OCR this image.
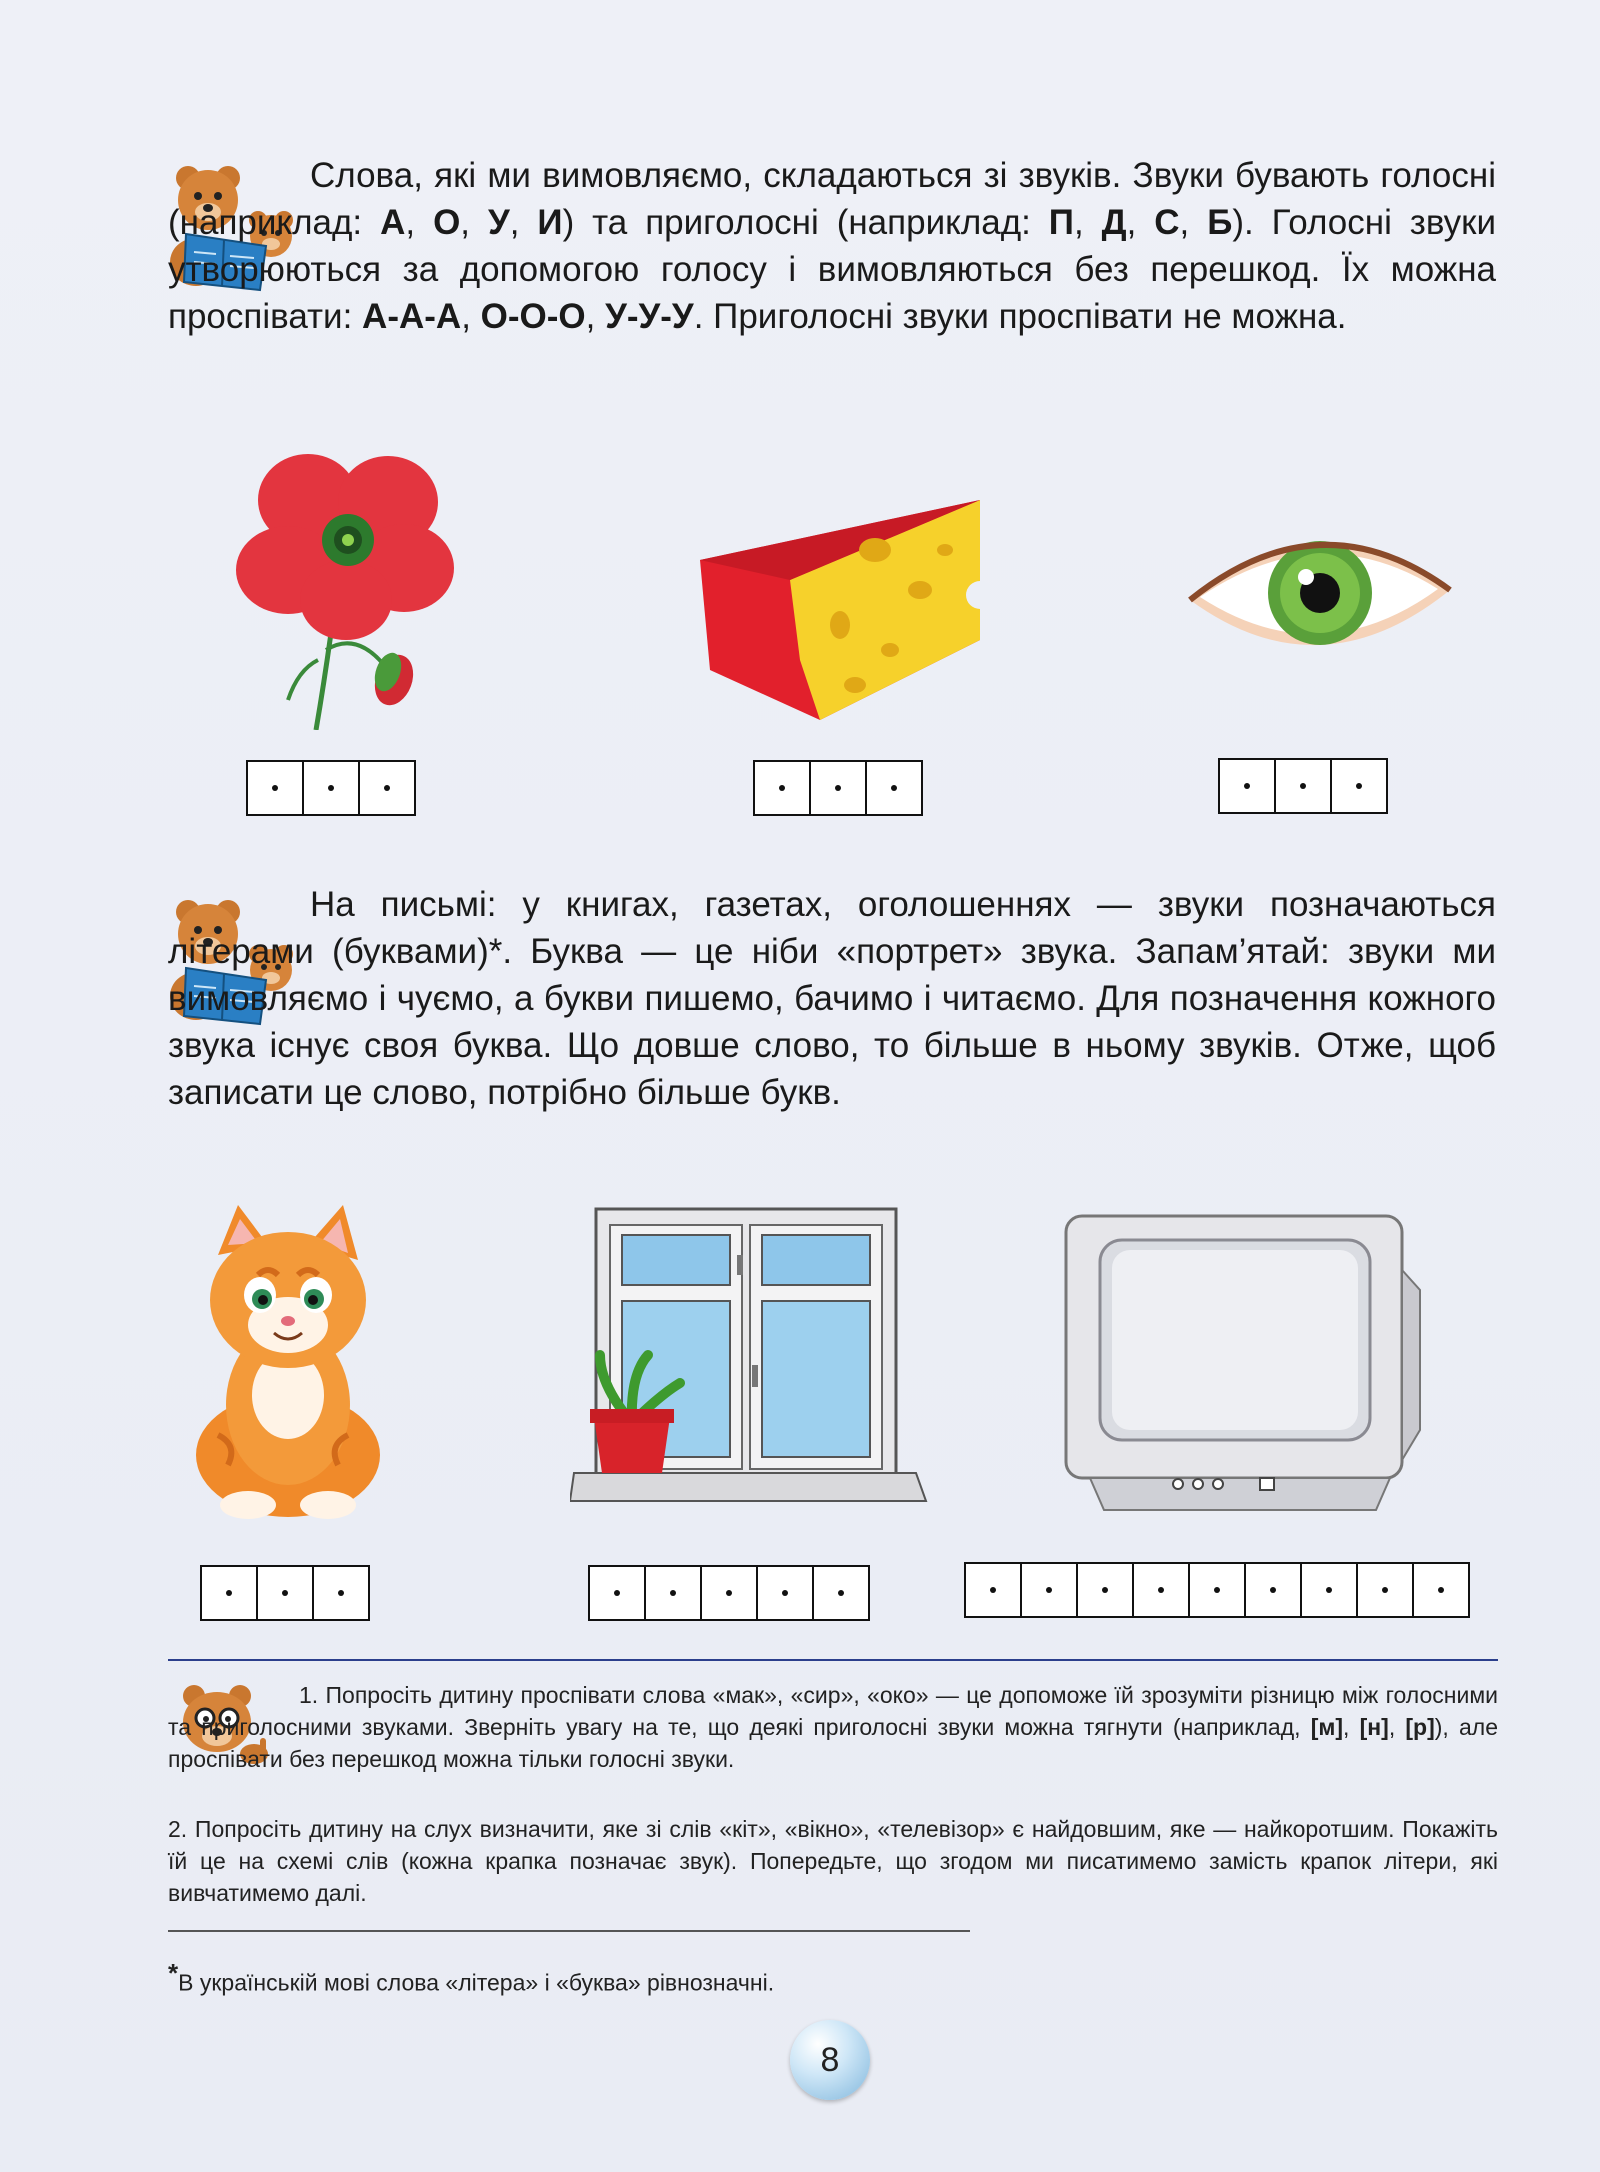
Слова, які ми вимовляємо, складаються зі звуків. Звуки бувають голосні (наприклад: А, О, У, И) та приголосні (наприклад: П, Д, С, Б). Голосні звуки утворюються за допомогою голосу і вимовляються без перешкод. Їх можна проспівати: А-А-А, О-О-О, У-У-У. Приголосні звуки проспівати не можна.
На письмі: у книгах, газетах, оголошеннях — звуки позначаються літерами (буквами)*. Буква — це ніби «портрет» звука. Запам’ятай: звуки ми вимовляємо і чуємо, а букви пишемо, бачимо і читаємо. Для позначення кожного звука існує своя буква. Що довше слово, то більше в ньому звуків. Отже, щоб записати це слово, потрібно більше букв.
1. Попросіть дитину проспівати слова «мак», «сир», «око» — це допоможе їй зрозуміти різницю між голосними та приголосними звуками. Зверніть увагу на те, що деякі приголосні звуки можна тягнути (наприклад, [м], [н], [р]), але проспівати без перешкод можна тільки голосні звуки.
2. Попросіть дитину на слух визначити, яке зі слів «кіт», «вікно», «телевізор» є найдовшим, яке — найкоротшим. Покажіть їй це на схемі слів (кожна крапка позначає звук). Попередьте, що згодом ми писатимемо замість крапок літери, які вивчатимемо далі.
*В українській мові слова «літера» і «буква» рівнозначні.
8
